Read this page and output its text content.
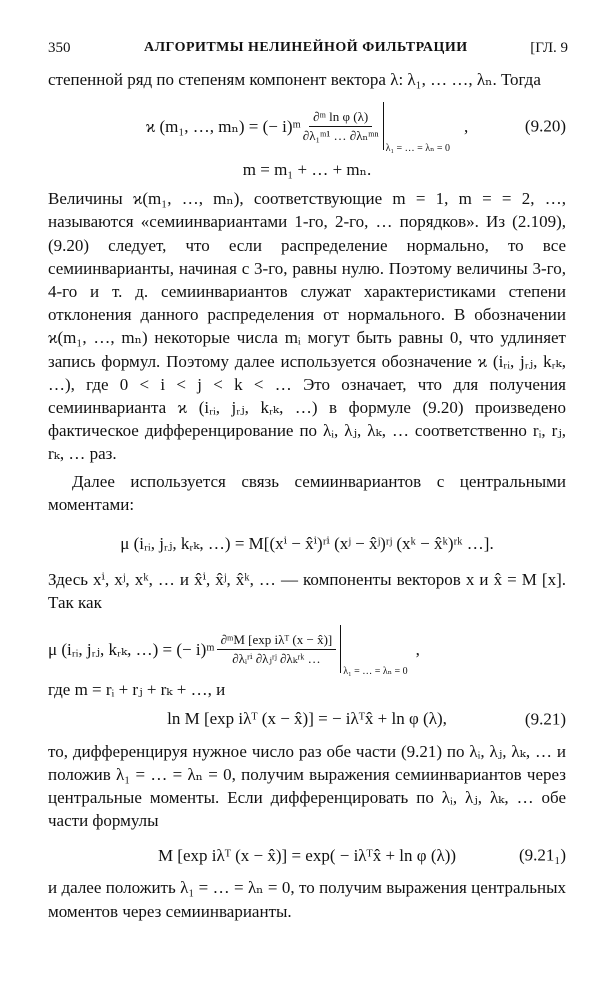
350	АЛГОРИТМЫ НЕЛИНЕЙНОЙ ФИЛЬТРАЦИИ	[ГЛ. 9

степенной ряд по степеням компонент вектора λ: λ₁, … …, λₙ. Тогда

ϰ (m₁, …, mₙ) = (− i)ᵐ $\frac{\text{∂ᵐ ln φ (λ)}}{\text{∂λ₁ᵐ¹ … ∂λₙᵐⁿ}}$
λ₁ = … = λₙ = 0
,	(9.20)
m = m₁ + … + mₙ.

Величины ϰ(m₁, …, mₙ), соответствующие m = 1, m = = 2, …, называются «семиинвариантами 1-го, 2-го, … порядков». Из (2.109), (9.20) следует, что если распределение нормально, то все семиинварианты, начиная с 3-го, равны нулю. Поэтому величины 3-го, 4-го и т. д. семиинвариантов служат характеристиками степени отклонения данного распределения от нормального. В обозначении ϰ(m₁, …, mₙ) некоторые числа mᵢ могут быть равны 0, что удлиняет запись формул. Поэтому далее используется обозначение ϰ (iᵣᵢ, jᵣⱼ, kᵣₖ, …), где 0 < i < j < k < … Это означает, что для получения семиинварианта ϰ (iᵣᵢ, jᵣⱼ, kᵣₖ, …) в формуле (9.20) произведено фактическое дифференцирование по λᵢ, λⱼ, λₖ, … соответственно rᵢ, rⱼ, rₖ, … раз.

Далее используется связь семиинвариантов с центральными моментами:

μ (iᵣᵢ, jᵣⱼ, kᵣₖ, …) = M[(xⁱ − x̂ⁱ)ʳⁱ (xʲ − x̂ʲ)ʳʲ (xᵏ − x̂ᵏ)ʳᵏ …].

Здесь xⁱ, xʲ, xᵏ, … и x̂ⁱ, x̂ʲ, x̂ᵏ, … — компоненты векторов x и x̂ = M [x]. Так как

μ (iᵣᵢ, jᵣⱼ, kᵣₖ, …) = (− i)ᵐ $\frac{\text{∂ᵐM [exp iλᵀ (x − x̂)]}}{\text{∂λᵢʳⁱ ∂λⱼʳʲ ∂λₖʳᵏ …}}$
λ₁ = … = λₙ = 0
,

где m = rᵢ + rⱼ + rₖ + …, и

ln M [exp iλᵀ (x − x̂)] = − iλᵀx̂ + ln φ (λ),	(9.21)

то, дифференцируя нужное число раз обе части (9.21) по λᵢ, λⱼ, λₖ, … и положив λ₁ = … = λₙ = 0, получим выражения семиинвариантов через центральные моменты. Если дифференцировать по λᵢ, λⱼ, λₖ, … обе части формулы

M [exp iλᵀ (x − x̂)] = exp( − iλᵀx̂ + ln φ (λ))	(9.21₁)

и далее положить λ₁ = … = λₙ = 0, то получим выражения центральных моментов через семиинварианты.
